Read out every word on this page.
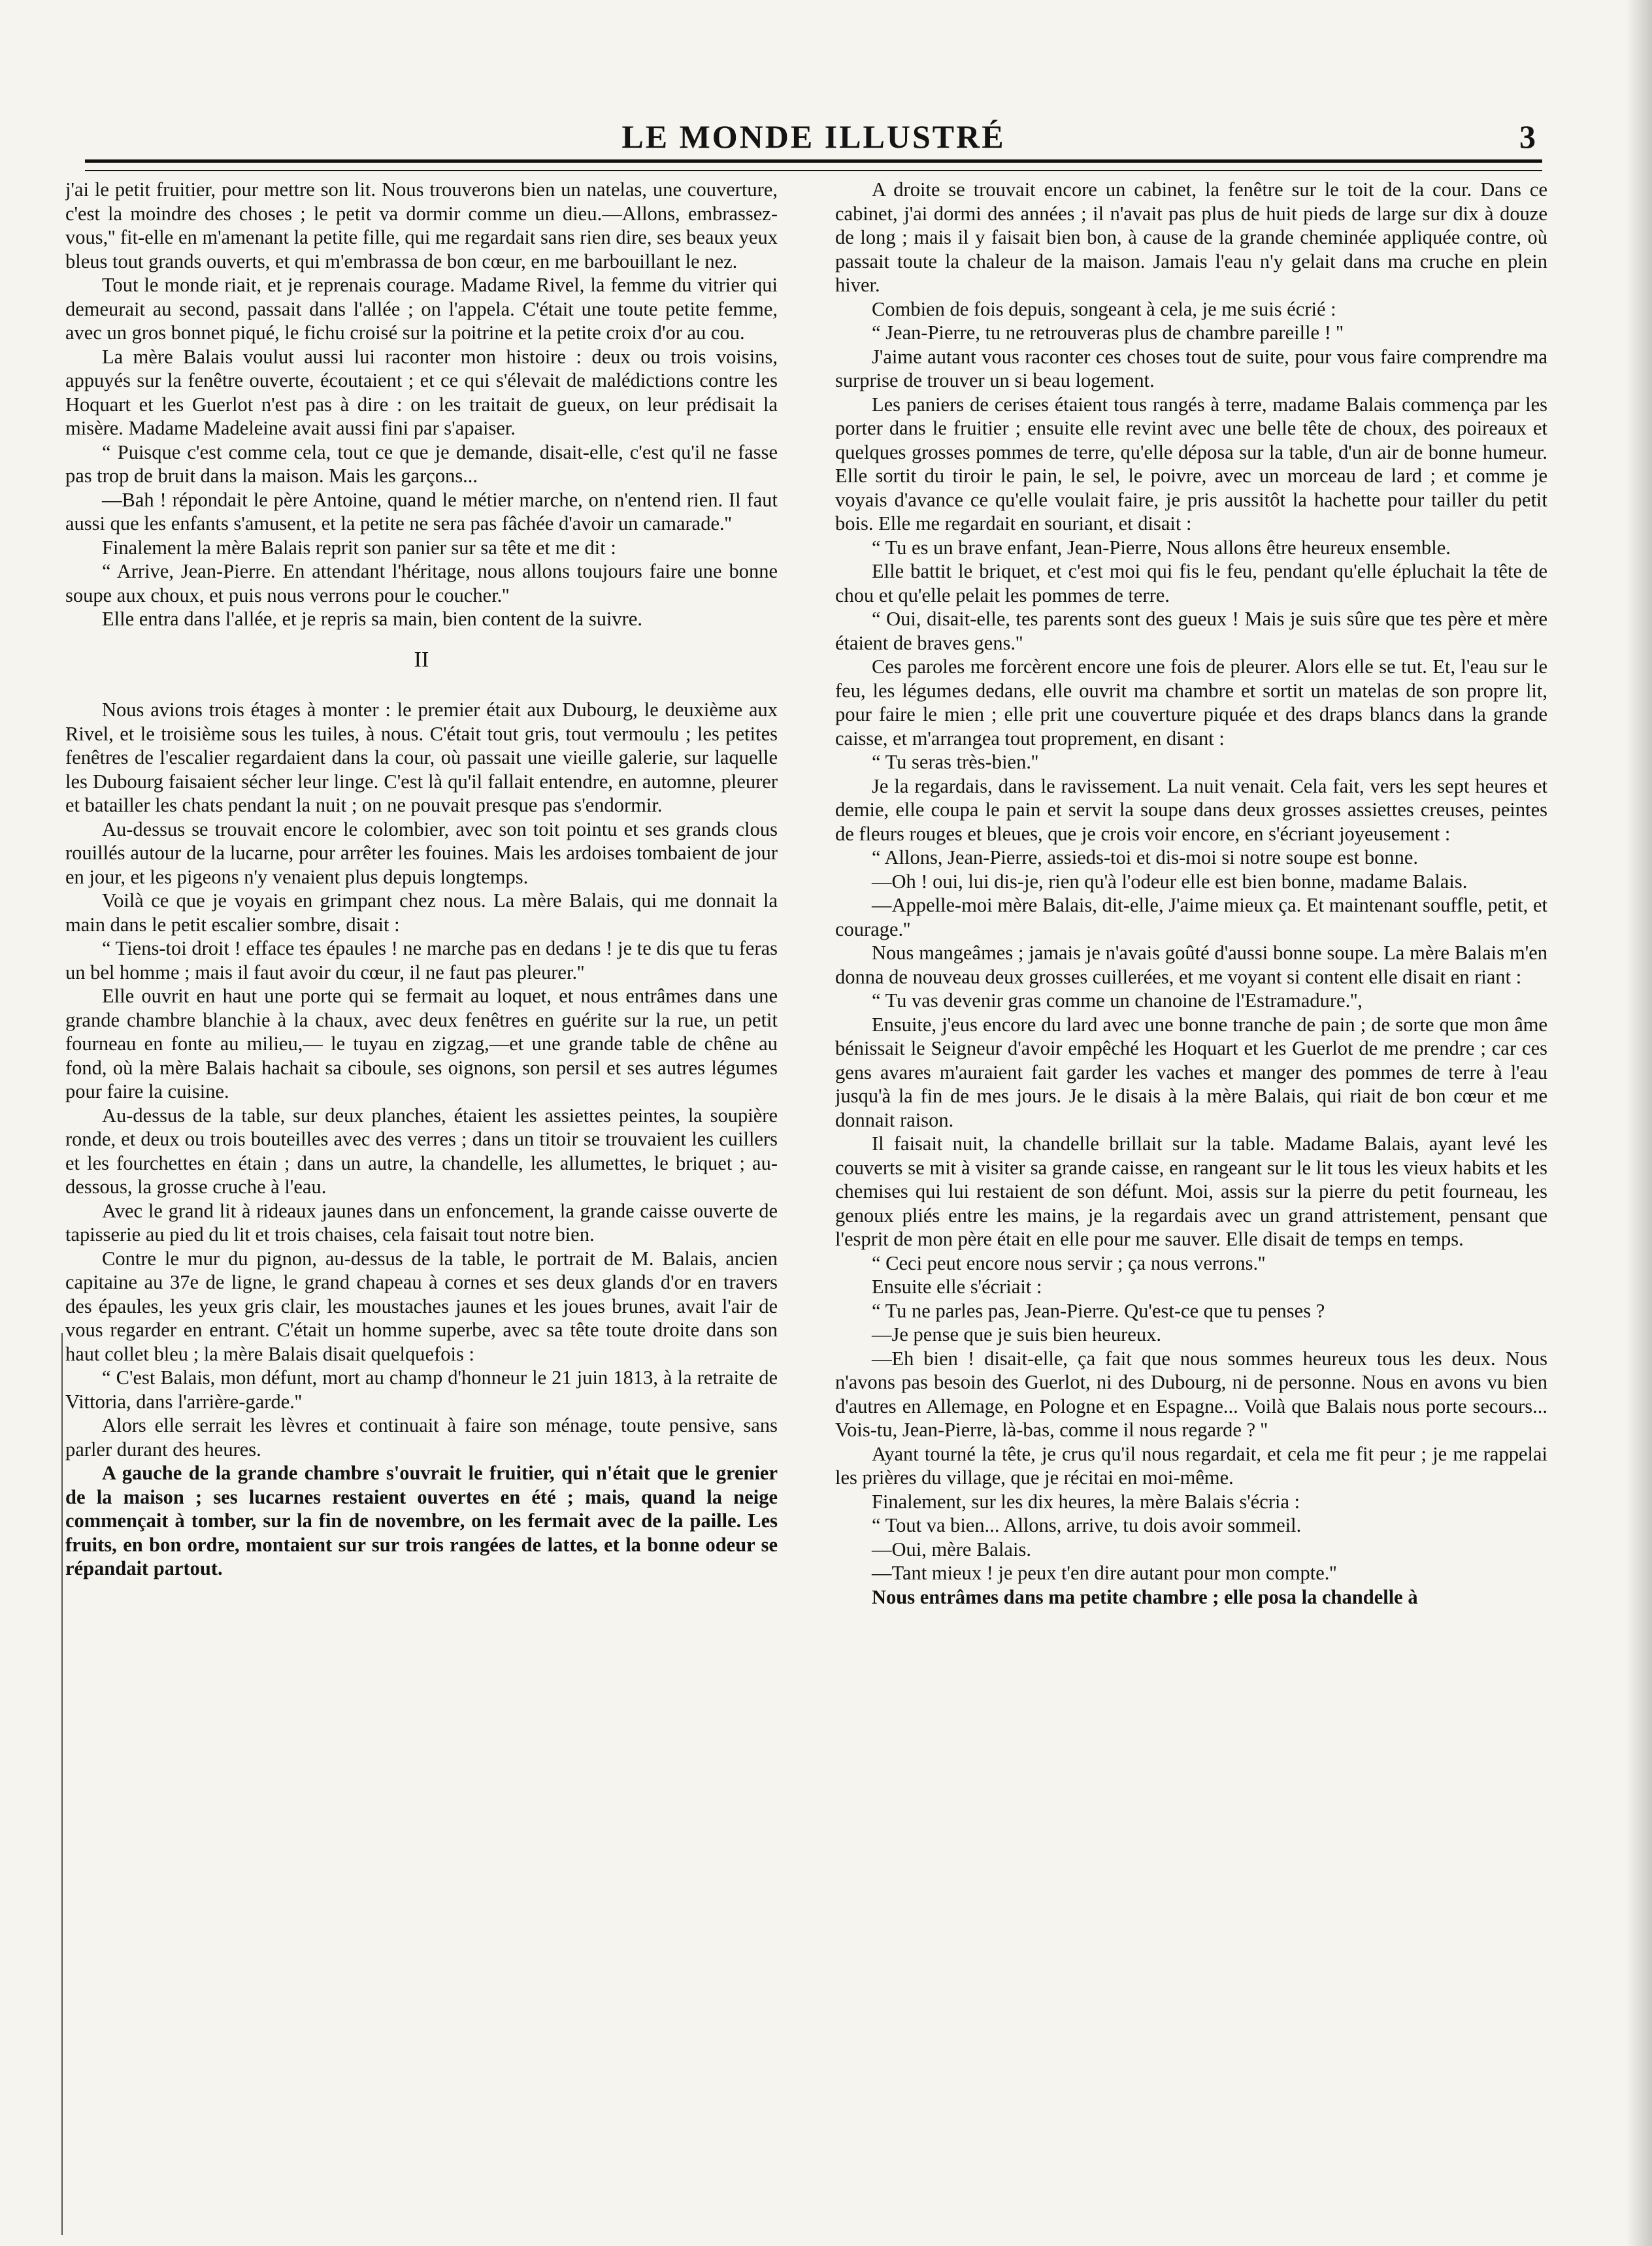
LE MONDE ILLUSTRÉ	3

j'ai le petit fruitier, pour mettre son lit. Nous trouverons bien un natelas, une couverture, c'est la moindre des choses ; le petit va dormir comme un dieu.—Allons, embrassez-vous,'' fit-elle en m'amenant la petite fille, qui me regardait sans rien dire, ses beaux yeux bleus tout grands ouverts, et qui m'embrassa de bon cœur, en me barbouillant le nez.

Tout le monde riait, et je reprenais courage. Madame Rivel, la femme du vitrier qui demeurait au second, passait dans l'allée ; on l'appela. C'était une toute petite femme, avec un gros bonnet piqué, le fichu croisé sur la poitrine et la petite croix d'or au cou.

La mère Balais voulut aussi lui raconter mon histoire : deux ou trois voisins, appuyés sur la fenêtre ouverte, écoutaient ; et ce qui s'élevait de malédictions contre les Hoquart et les Guerlot n'est pas à dire : on les traitait de gueux, on leur prédisait la misère. Madame Madeleine avait aussi fini par s'apaiser.

“ Puisque c'est comme cela, tout ce que je demande, disait-elle, c'est qu'il ne fasse pas trop de bruit dans la maison. Mais les garçons...

—Bah ! répondait le père Antoine, quand le métier marche, on n'entend rien. Il faut aussi que les enfants s'amusent, et la petite ne sera pas fâchée d'avoir un camarade.''

Finalement la mère Balais reprit son panier sur sa tête et me dit :

“ Arrive, Jean-Pierre. En attendant l'héritage, nous allons toujours faire une bonne soupe aux choux, et puis nous verrons pour le coucher.''

Elle entra dans l'allée, et je repris sa main, bien content de la suivre.

II

Nous avions trois étages à monter : le premier était aux Dubourg, le deuxième aux Rivel, et le troisième sous les tuiles, à nous. C'était tout gris, tout vermoulu ; les petites fenêtres de l'escalier regardaient dans la cour, où passait une vieille galerie, sur laquelle les Dubourg faisaient sécher leur linge. C'est là qu'il fallait entendre, en automne, pleurer et batailler les chats pendant la nuit ; on ne pouvait presque pas s'endormir.

Au-dessus se trouvait encore le colombier, avec son toit pointu et ses grands clous rouillés autour de la lucarne, pour arrêter les fouines. Mais les ardoises tombaient de jour en jour, et les pigeons n'y venaient plus depuis longtemps.

Voilà ce que je voyais en grimpant chez nous. La mère Balais, qui me donnait la main dans le petit escalier sombre, disait :

“ Tiens-toi droit ! efface tes épaules ! ne marche pas en dedans ! je te dis que tu feras un bel homme ; mais il faut avoir du cœur, il ne faut pas pleurer.''

Elle ouvrit en haut une porte qui se fermait au loquet, et nous entrâmes dans une grande chambre blanchie à la chaux, avec deux fenêtres en guérite sur la rue, un petit fourneau en fonte au milieu,— le tuyau en zigzag,—et une grande table de chêne au fond, où la mère Balais hachait sa ciboule, ses oignons, son persil et ses autres légumes pour faire la cuisine.

Au-dessus de la table, sur deux planches, étaient les assiettes peintes, la soupière ronde, et deux ou trois bouteilles avec des verres ; dans un titoir se trouvaient les cuillers et les fourchettes en étain ; dans un autre, la chandelle, les allumettes, le briquet ; au-dessous, la grosse cruche à l'eau.

Avec le grand lit à rideaux jaunes dans un enfoncement, la grande caisse ouverte de tapisserie au pied du lit et trois chaises, cela faisait tout notre bien.

Contre le mur du pignon, au-dessus de la table, le portrait de M. Balais, ancien capitaine au 37e de ligne, le grand chapeau à cornes et ses deux glands d'or en travers des épaules, les yeux gris clair, les moustaches jaunes et les joues brunes, avait l'air de vous regarder en entrant. C'était un homme superbe, avec sa tête toute droite dans son haut collet bleu ; la mère Balais disait quelquefois :

“ C'est Balais, mon défunt, mort au champ d'honneur le 21 juin 1813, à la retraite de Vittoria, dans l'arrière-garde.''

Alors elle serrait les lèvres et continuait à faire son ménage, toute pensive, sans parler durant des heures.

A gauche de la grande chambre s'ouvrait le fruitier, qui n'était que le grenier de la maison ; ses lucarnes restaient ouvertes en été ; mais, quand la neige commençait à tomber, sur la fin de novembre, on les fermait avec de la paille. Les fruits, en bon ordre, montaient sur sur trois rangées de lattes, et la bonne odeur se répandait partout.

A droite se trouvait encore un cabinet, la fenêtre sur le toit de la cour. Dans ce cabinet, j'ai dormi des années ; il n'avait pas plus de huit pieds de large sur dix à douze de long ; mais il y faisait bien bon, à cause de la grande cheminée appliquée contre, où passait toute la chaleur de la maison. Jamais l'eau n'y gelait dans ma cruche en plein hiver.

Combien de fois depuis, songeant à cela, je me suis écrié :

“ Jean-Pierre, tu ne retrouveras plus de chambre pareille ! ''

J'aime autant vous raconter ces choses tout de suite, pour vous faire comprendre ma surprise de trouver un si beau logement.

Les paniers de cerises étaient tous rangés à terre, madame Balais commença par les porter dans le fruitier ; ensuite elle revint avec une belle tête de choux, des poireaux et quelques grosses pommes de terre, qu'elle déposa sur la table, d'un air de bonne humeur. Elle sortit du tiroir le pain, le sel, le poivre, avec un morceau de lard ; et comme je voyais d'avance ce qu'elle voulait faire, je pris aussitôt la hachette pour tailler du petit bois. Elle me regardait en souriant, et disait :

“ Tu es un brave enfant, Jean-Pierre, Nous allons être heureux ensemble.

Elle battit le briquet, et c'est moi qui fis le feu, pendant qu'elle épluchait la tête de chou et qu'elle pelait les pommes de terre.

“ Oui, disait-elle, tes parents sont des gueux ! Mais je suis sûre que tes père et mère étaient de braves gens.''

Ces paroles me forcèrent encore une fois de pleurer. Alors elle se tut. Et, l'eau sur le feu, les légumes dedans, elle ouvrit ma chambre et sortit un matelas de son propre lit, pour faire le mien ; elle prit une couverture piquée et des draps blancs dans la grande caisse, et m'arrangea tout proprement, en disant :

“ Tu seras très-bien.''

Je la regardais, dans le ravissement. La nuit venait. Cela fait, vers les sept heures et demie, elle coupa le pain et servit la soupe dans deux grosses assiettes creuses, peintes de fleurs rouges et bleues, que je crois voir encore, en s'écriant joyeusement :

“ Allons, Jean-Pierre, assieds-toi et dis-moi si notre soupe est bonne.

—Oh ! oui, lui dis-je, rien qu'à l'odeur elle est bien bonne, madame Balais.

—Appelle-moi mère Balais, dit-elle, J'aime mieux ça. Et maintenant souffle, petit, et courage.''

Nous mangeâmes ; jamais je n'avais goûté d'aussi bonne soupe. La mère Balais m'en donna de nouveau deux grosses cuillerées, et me voyant si content elle disait en riant :

“ Tu vas devenir gras comme un chanoine de l'Estramadure.'',

Ensuite, j'eus encore du lard avec une bonne tranche de pain ; de sorte que mon âme bénissait le Seigneur d'avoir empêché les Hoquart et les Guerlot de me prendre ; car ces gens avares m'auraient fait garder les vaches et manger des pommes de terre à l'eau jusqu'à la fin de mes jours. Je le disais à la mère Balais, qui riait de bon cœur et me donnait raison.

Il faisait nuit, la chandelle brillait sur la table. Madame Balais, ayant levé les couverts se mit à visiter sa grande caisse, en rangeant sur le lit tous les vieux habits et les chemises qui lui restaient de son défunt. Moi, assis sur la pierre du petit fourneau, les genoux pliés entre les mains, je la regardais avec un grand attristement, pensant que l'esprit de mon père était en elle pour me sauver. Elle disait de temps en temps.

“ Ceci peut encore nous servir ; ça nous verrons.''

Ensuite elle s'écriait :

“ Tu ne parles pas, Jean-Pierre. Qu'est-ce que tu penses ?

—Je pense que je suis bien heureux.

—Eh bien ! disait-elle, ça fait que nous sommes heureux tous les deux. Nous n'avons pas besoin des Guerlot, ni des Dubourg, ni de personne. Nous en avons vu bien d'autres en Allemage, en Pologne et en Espagne... Voilà que Balais nous porte secours... Vois-tu, Jean-Pierre, là-bas, comme il nous regarde ? ''

Ayant tourné la tête, je crus qu'il nous regardait, et cela me fit peur ; je me rappelai les prières du village, que je récitai en moi-même.

Finalement, sur les dix heures, la mère Balais s'écria :

“ Tout va bien... Allons, arrive, tu dois avoir sommeil.

—Oui, mère Balais.

—Tant mieux ! je peux t'en dire autant pour mon compte.''

Nous entrâmes dans ma petite chambre ; elle posa la chandelle à
